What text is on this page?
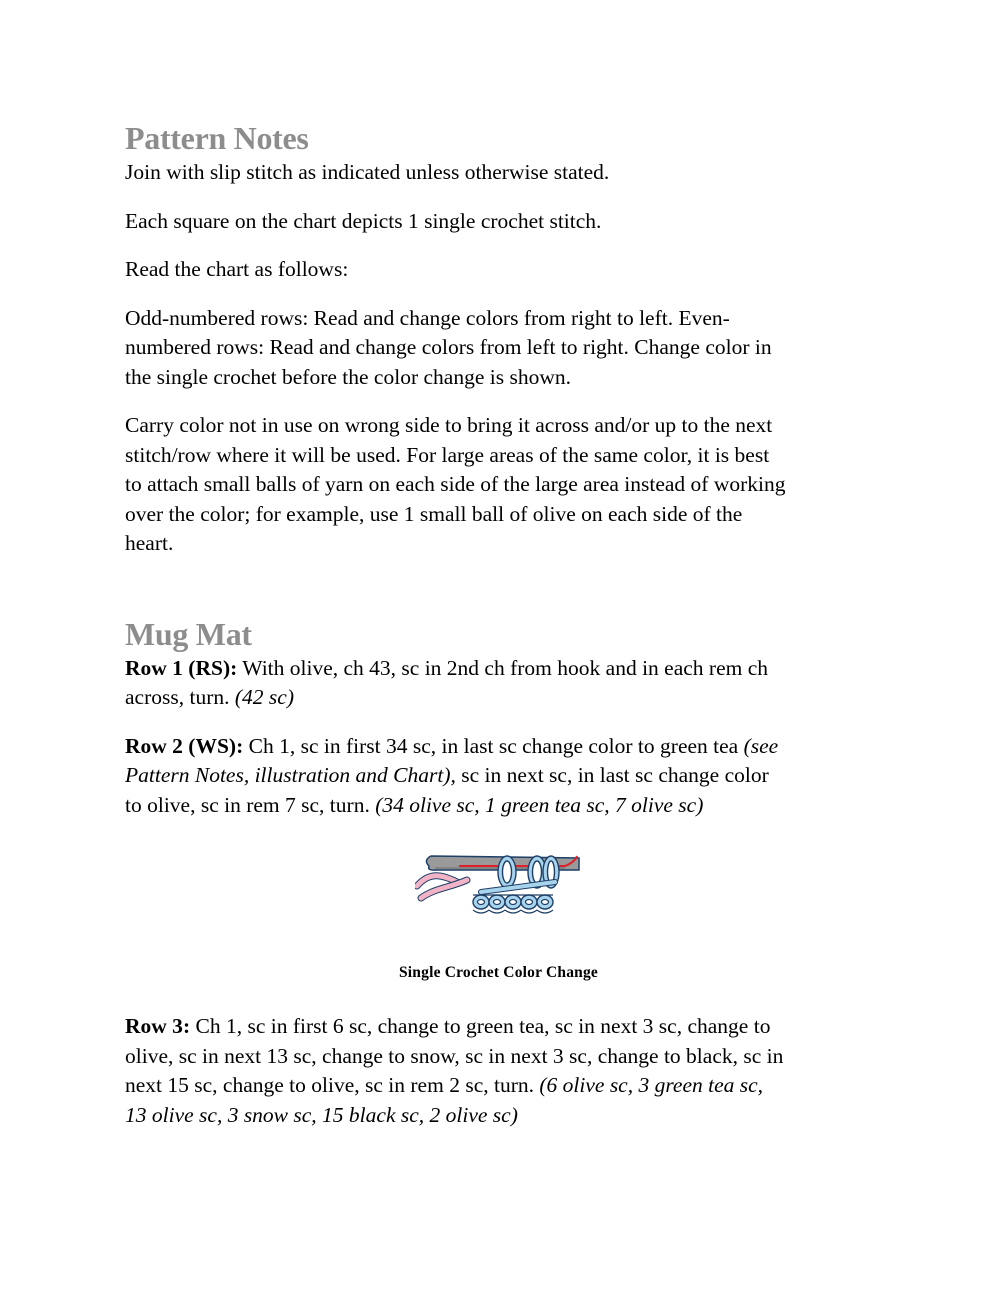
Pattern Notes

Join with slip stitch as indicated unless otherwise stated.

Each square on the chart depicts 1 single crochet stitch.

Read the chart as follows:

Odd-numbered rows: Read and change colors from right to left. Even-
numbered rows: Read and change colors from left to right. Change color in
the single crochet before the color change is shown.

Carry color not in use on wrong side to bring it across and/or up to the next
stitch/row where it will be used. For large areas of the same color, it is best
to attach small balls of yarn on each side of the large area instead of working
over the color; for example, use 1 small ball of olive on each side of the
heart.

Mug Mat

Row 1 (RS): With olive, ch 43, sc in 2nd ch from hook and in each rem ch
across, turn. (42 sc)

Row 2 (WS): Ch 1, sc in first 34 sc, in last sc change color to green tea (see
Pattern Notes, illustration and Chart), sc in next sc, in last sc change color
to olive, sc in rem 7 sc, turn. (34 olive sc, 1 green tea sc, 7 olive sc)

Single Crochet Color Change

Row 3: Ch 1, sc in first 6 sc, change to green tea, sc in next 3 sc, change to
olive, sc in next 13 sc, change to snow, sc in next 3 sc, change to black, sc in
next 15 sc, change to olive, sc in rem 2 sc, turn. (6 olive sc, 3 green tea sc,
13 olive sc, 3 snow sc, 15 black sc, 2 olive sc)
